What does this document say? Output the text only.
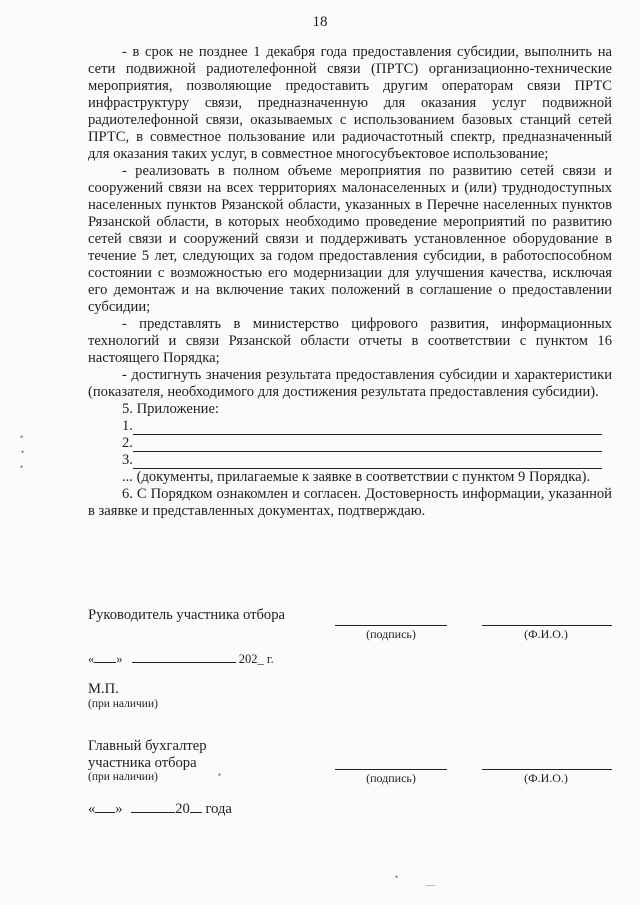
18

- в срок не позднее 1 декабря года предоставления субсидии, выполнить на сети подвижной радиотелефонной связи (ПРТС) организационно-технические мероприятия, позволяющие предоставить другим операторам связи ПРТС инфраструктуру связи, предназначенную для оказания услуг подвижной радиотелефонной связи, оказываемых с использованием базовых станций сетей ПРТС, в совместное пользование или радиочастотный спектр, предназначенный для оказания таких услуг, в совместное многосубъектовое использование;

- реализовать в полном объеме мероприятия по развитию сетей связи и сооружений связи на всех территориях малонаселенных и (или) труднодоступных населенных пунктов Рязанской области, указанных в Перечне населенных пунктов Рязанской области, в которых необходимо проведение мероприятий по развитию сетей связи и сооружений связи и поддерживать установленное оборудование в течение 5 лет, следующих за годом предоставления субсидии, в работоспособном состоянии с возможностью его модернизации для улучшения качества, исключая его демонтаж и на включение таких положений в соглашение о предоставлении субсидии;

- представлять в министерство цифрового развития, информационных технологий и связи Рязанской области отчеты в соответствии с пунктом 16 настоящего Порядка;

- достигнуть значения результата предоставления субсидии и характеристики (показателя, необходимого для достижения результата предоставления субсидии).

5. Приложение:
1.
2.
3.

... (документы, прилагаемые к заявке в соответствии с пунктом 9 Порядка).

6. С Порядком ознакомлен и согласен. Достоверность информации, указанной в заявке и представленных документах, подтверждаю.

Руководитель участника отбора
(подпись)	(Ф.И.О.)
« »	202_ г.
М.П.
(при наличии)
Главный бухгалтер
участника отбора
(при наличии)	(подпись)	(Ф.И.О.)
« »	20 года
•
•
•
•
•
—
